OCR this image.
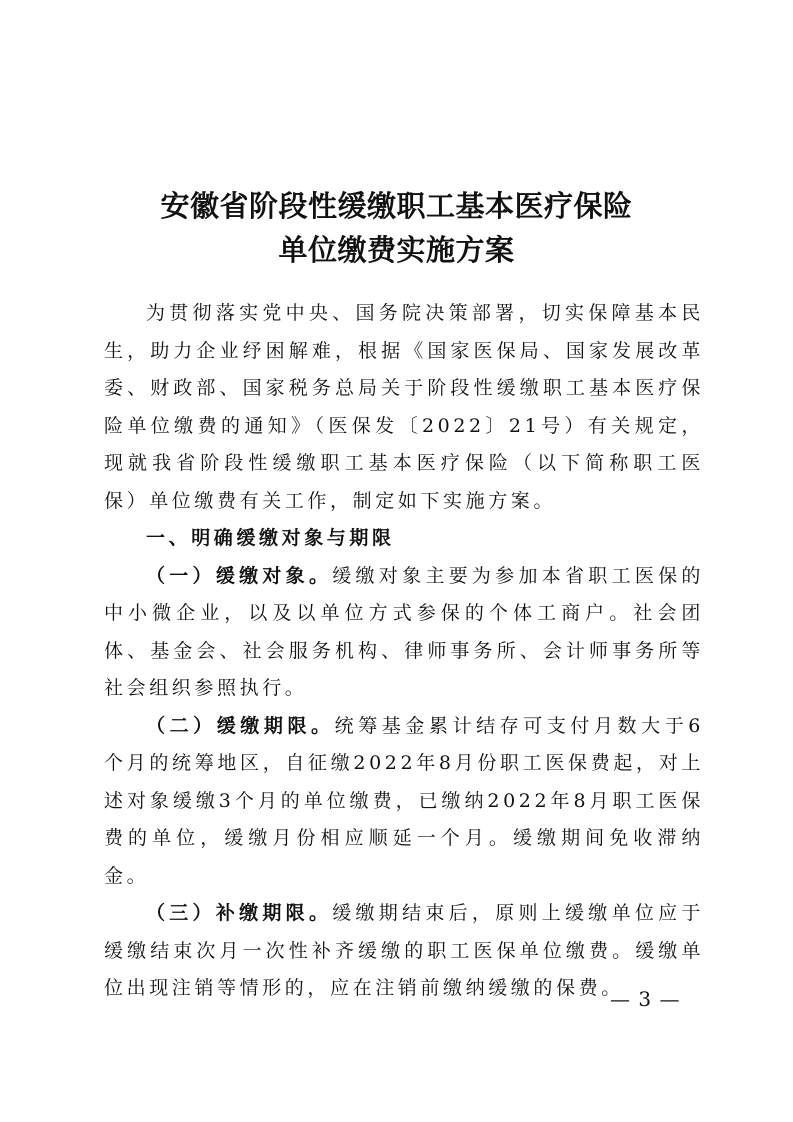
安徽省阶段性缓缴职工基本医疗保险
单位缴费实施方案

为贯彻落实党中央、国务院决策部署，切实保障基本民生，助力企业纾困解难，根据《国家医保局、国家发展改革委、财政部、国家税务总局关于阶段性缓缴职工基本医疗保险单位缴费的通知》（医保发〔2022〕21号）有关规定，现就我省阶段性缓缴职工基本医疗保险（以下简称职工医保）单位缴费有关工作，制定如下实施方案。

一、明确缓缴对象与期限

（一）缓缴对象。缓缴对象主要为参加本省职工医保的中小微企业，以及以单位方式参保的个体工商户。社会团体、基金会、社会服务机构、律师事务所、会计师事务所等社会组织参照执行。

（二）缓缴期限。统筹基金累计结存可支付月数大于6个月的统筹地区，自征缴2022年8月份职工医保费起，对上述对象缓缴3个月的单位缴费，已缴纳2022年8月职工医保费的单位，缓缴月份相应顺延一个月。缓缴期间免收滞纳金。

（三）补缴期限。缓缴期结束后，原则上缓缴单位应于缓缴结束次月一次性补齐缓缴的职工医保单位缴费。缓缴单位出现注销等情形的，应在注销前缴纳缓缴的保费。

— 3 —
